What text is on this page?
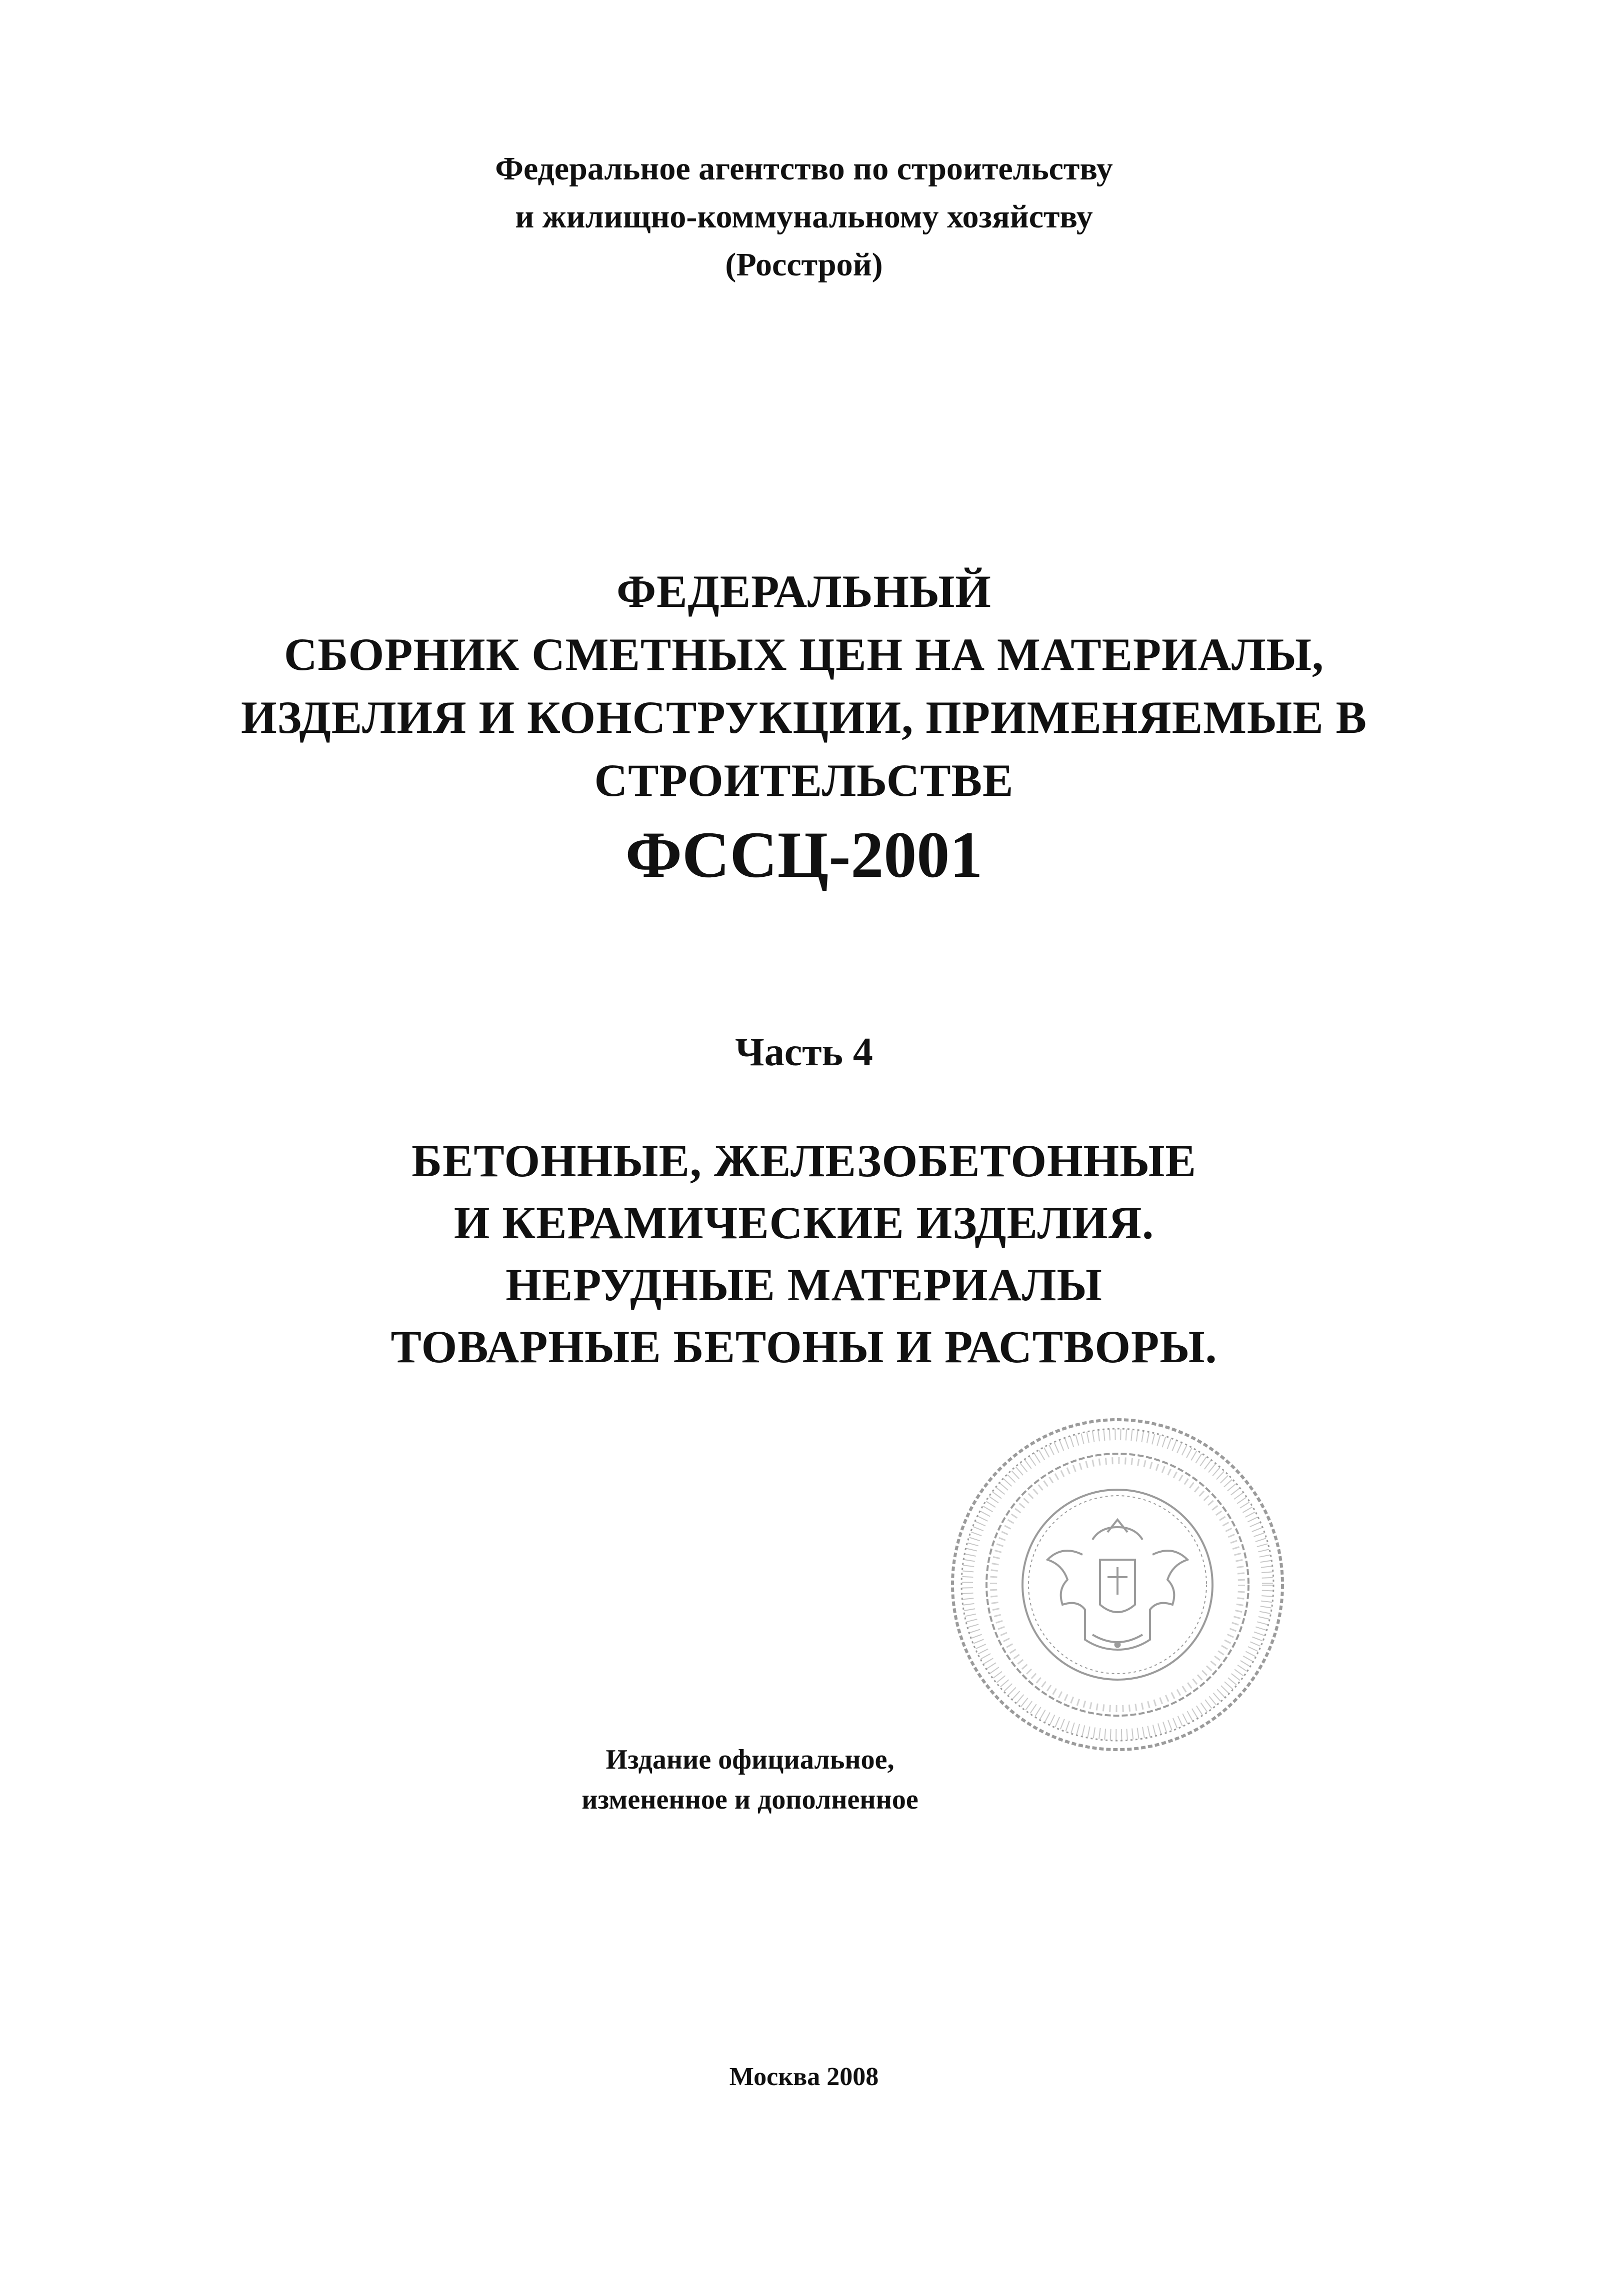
Федеральное агентство по строительству
и жилищно-коммунальному хозяйству
(Росстрой)
ФЕДЕРАЛЬНЫЙ
СБОРНИК СМЕТНЫХ ЦЕН НА МАТЕРИАЛЫ,
ИЗДЕЛИЯ И КОНСТРУКЦИИ, ПРИМЕНЯЕМЫЕ В
СТРОИТЕЛЬСТВЕ
ФССЦ-2001
Часть 4
БЕТОННЫЕ, ЖЕЛЕЗОБЕТОННЫЕ
И КЕРАМИЧЕСКИЕ ИЗДЕЛИЯ.
НЕРУДНЫЕ МАТЕРИАЛЫ
ТОВАРНЫЕ БЕТОНЫ И РАСТВОРЫ.
Издание официальное,
измененное и дополненное
Москва 2008
